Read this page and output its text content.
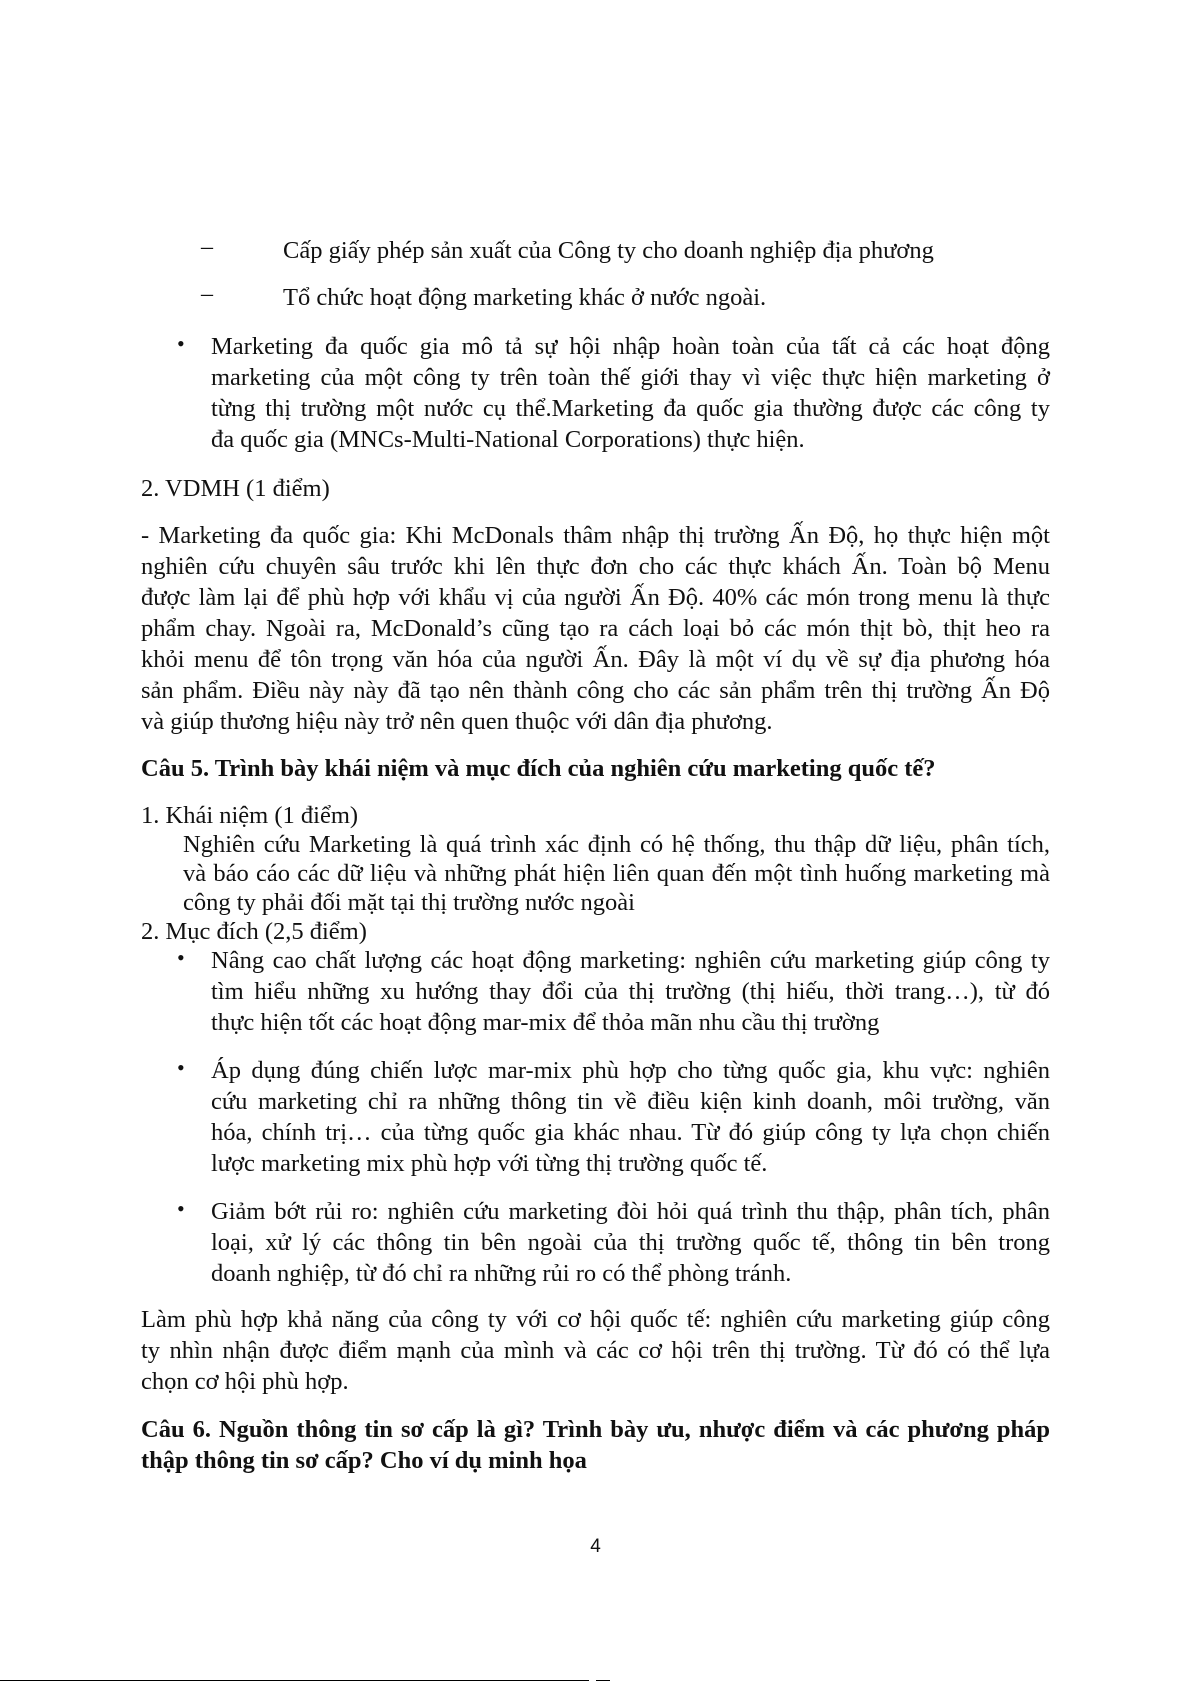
–	Cấp giấy phép sản xuất của Công ty cho doanh nghiệp địa phương
–	Tổ chức hoạt động marketing khác ở nước ngoài.
• Marketing đa quốc gia mô tả sự hội nhập hoàn toàn của tất cả các hoạt động
marketing của một công ty trên toàn thế giới thay vì việc thực hiện marketing ở
từng thị trường một nước cụ thể.Marketing đa quốc gia thường được các công ty
đa quốc gia (MNCs-Multi-National Corporations) thực hiện.
2. VDMH (1 điểm)
- Marketing đa quốc gia: Khi McDonals thâm nhập thị trường Ấn Độ, họ thực hiện một
nghiên cứu chuyên sâu trước khi lên thực đơn cho các thực khách Ấn. Toàn bộ Menu
được làm lại để phù hợp với khẩu vị của người Ấn Độ. 40% các món trong menu là thực
phẩm chay. Ngoài ra, McDonald’s cũng tạo ra cách loại bỏ các món thịt bò, thịt heo ra
khỏi menu để tôn trọng văn hóa của người Ấn. Đây là một ví dụ về sự địa phương hóa
sản phẩm. Điều này này đã tạo nên thành công cho các sản phẩm trên thị trường Ấn Độ
và giúp thương hiệu này trở nên quen thuộc với dân địa phương.
Câu 5. Trình bày khái niệm và mục đích của nghiên cứu marketing quốc tế?
1. Khái niệm (1 điểm)
Nghiên cứu Marketing là quá trình xác định có hệ thống, thu thập dữ liệu, phân tích,
và báo cáo các dữ liệu và những phát hiện liên quan đến một tình huống marketing mà
công ty phải đối mặt tại thị trường nước ngoài
2. Mục đích (2,5 điểm)
• Nâng cao chất lượng các hoạt động marketing: nghiên cứu marketing giúp công ty
tìm hiểu những xu hướng thay đổi của thị trường (thị hiếu, thời trang…), từ đó
thực hiện tốt các hoạt động mar-mix để thỏa mãn nhu cầu thị trường
• Áp dụng đúng chiến lược mar-mix phù hợp cho từng quốc gia, khu vực: nghiên
cứu marketing chỉ ra những thông tin về điều kiện kinh doanh, môi trường, văn
hóa, chính trị… của từng quốc gia khác nhau. Từ đó giúp công ty lựa chọn chiến
lược marketing mix phù hợp với từng thị trường quốc tế.
• Giảm bớt rủi ro: nghiên cứu marketing đòi hỏi quá trình thu thập, phân tích, phân
loại, xử lý các thông tin bên ngoài của thị trường quốc tế, thông tin bên trong
doanh nghiệp, từ đó chỉ ra những rủi ro có thể phòng tránh.
Làm phù hợp khả năng của công ty với cơ hội quốc tế: nghiên cứu marketing giúp công
ty nhìn nhận được điểm mạnh của mình và các cơ hội trên thị trường. Từ đó có thể lựa
chọn cơ hội phù hợp.
Câu 6. Nguồn thông tin sơ cấp là gì? Trình bày ưu, nhược điểm và các phương pháp
thập thông tin sơ cấp? Cho ví dụ minh họa
4
